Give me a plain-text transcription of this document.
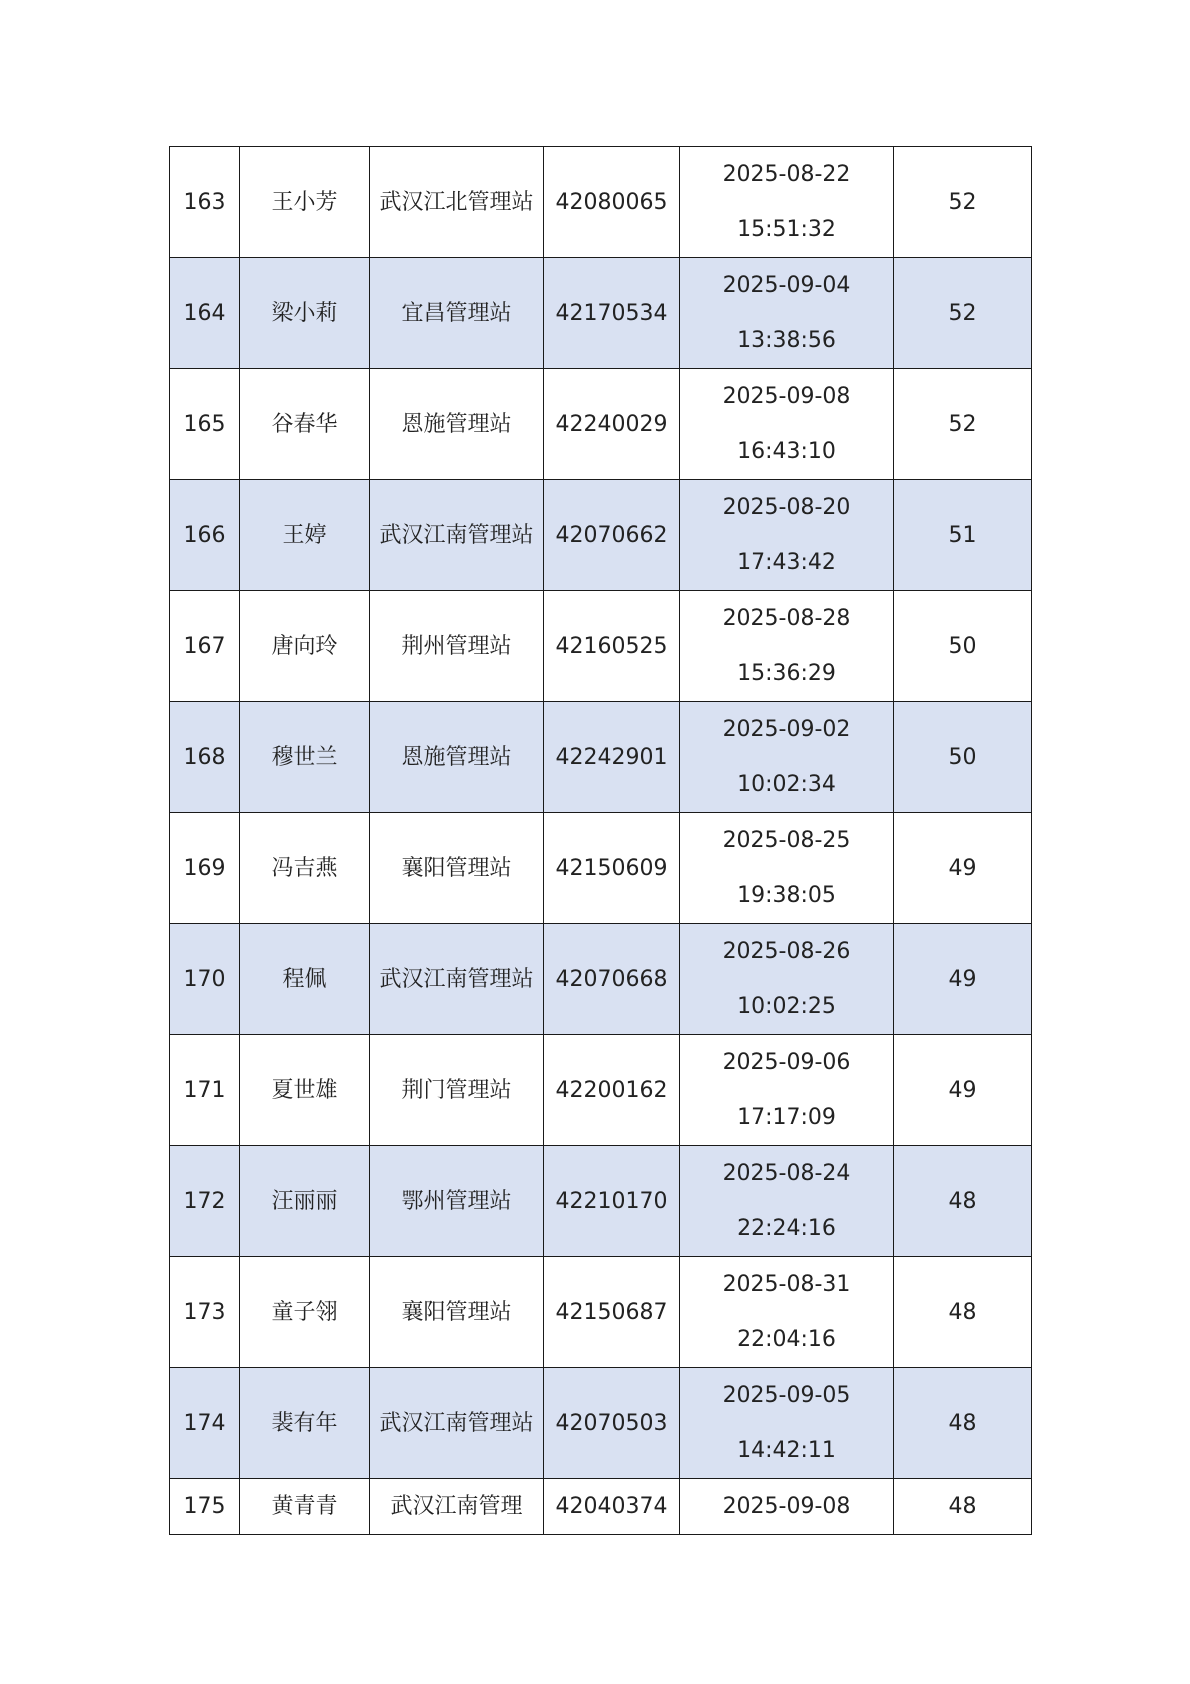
163	王小芳	武汉江北管理站	42080065	2025-08-22
15:51:32	52
164	梁小莉	宜昌管理站	42170534	2025-09-04
13:38:56	52
165	谷春华	恩施管理站	42240029	2025-09-08
16:43:10	52
166	王婷	武汉江南管理站	42070662	2025-08-20
17:43:42	51
167	唐向玲	荆州管理站	42160525	2025-08-28
15:36:29	50
168	穆世兰	恩施管理站	42242901	2025-09-02
10:02:34	50
169	冯吉燕	襄阳管理站	42150609	2025-08-25
19:38:05	49
170	程佩	武汉江南管理站	42070668	2025-08-26
10:02:25	49
171	夏世雄	荆门管理站	42200162	2025-09-06
17:17:09	49
172	汪丽丽	鄂州管理站	42210170	2025-08-24
22:24:16	48
173	童子翎	襄阳管理站	42150687	2025-08-31
22:04:16	48
174	裴有年	武汉江南管理站	42070503	2025-09-05
14:42:11	48
175	黄青青	武汉江南管理	42040374	2025-09-08	48
